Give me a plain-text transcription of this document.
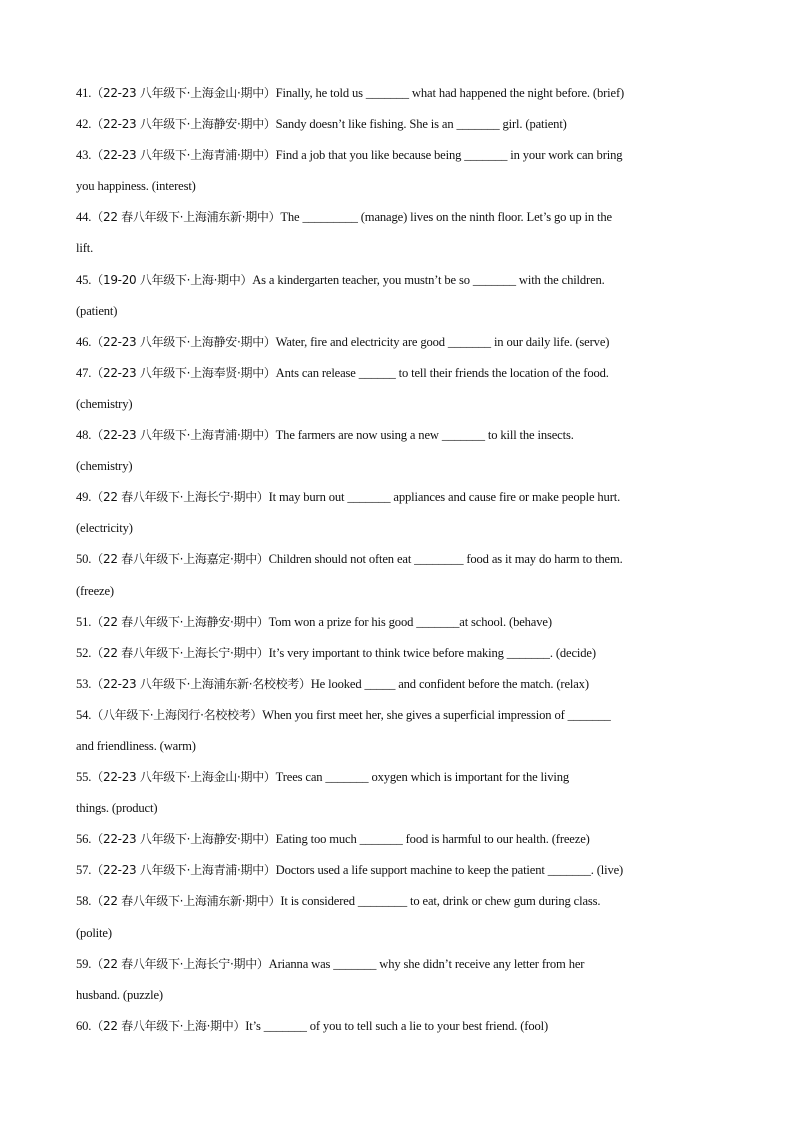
41.（22-23 八年级下·上海金山·期中）Finally, he told us _______ what had happened the night before. (brief)
42.（22-23 八年级下·上海静安·期中）Sandy doesn’t like fishing. She is an _______ girl. (patient)
43.（22-23 八年级下·上海青浦·期中）Find a job that you like because being _______ in your work can bring
you happiness. (interest)
44.（22 春八年级下·上海浦东新·期中）The _________ (manage) lives on the ninth floor. Let’s go up in the
lift.
45.（19-20 八年级下·上海·期中）As a kindergarten teacher, you mustn’t be so _______ with the children.
(patient)
46.（22-23 八年级下·上海静安·期中）Water, fire and electricity are good _______ in our daily life. (serve)
47.（22-23 八年级下·上海奉贤·期中）Ants can release ______ to tell their friends the location of the food.
(chemistry)
48.（22-23 八年级下·上海青浦·期中）The farmers are now using a new _______ to kill the insects.
(chemistry)
49.（22 春八年级下·上海长宁·期中）It may burn out _______ appliances and cause fire or make people hurt.
(electricity)
50.（22 春八年级下·上海嘉定·期中）Children should not often eat ________ food as it may do harm to them.
(freeze)
51.（22 春八年级下·上海静安·期中）Tom won a prize for his good _______at school. (behave)
52.（22 春八年级下·上海长宁·期中）It’s very important to think twice before making _______. (decide)
53.（22-23 八年级下·上海浦东新·名校校考）He looked _____ and confident before the match. (relax)
54.（八年级下·上海闵行·名校校考）When you first meet her, she gives a superficial impression of _______
and friendliness. (warm)
55.（22-23 八年级下·上海金山·期中）Trees can _______ oxygen which is important for the living
things. (product)
56.（22-23 八年级下·上海静安·期中）Eating too much _______ food is harmful to our health. (freeze)
57.（22-23 八年级下·上海青浦·期中）Doctors used a life support machine to keep the patient _______. (live)
58.（22 春八年级下·上海浦东新·期中）It is considered ________ to eat, drink or chew gum during class.
(polite)
59.（22 春八年级下·上海长宁·期中）Arianna was _______ why she didn’t receive any letter from her
husband. (puzzle)
60.（22 春八年级下·上海·期中）It’s _______ of you to tell such a lie to your best friend. (fool)
